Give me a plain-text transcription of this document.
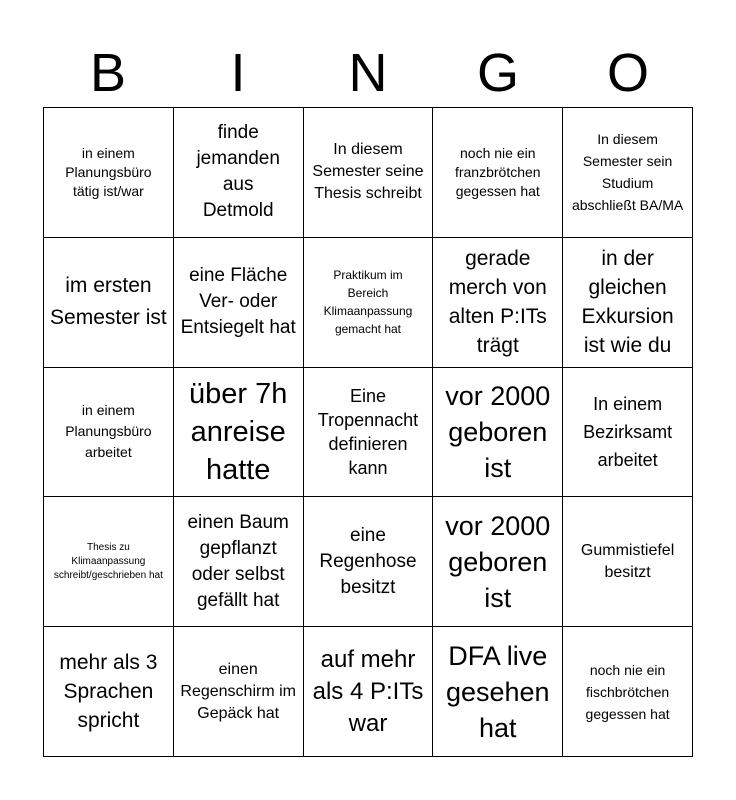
B	I	N	G	O
in einem Planungsbüro tätig ist/war
finde jemanden aus Detmold
In diesem Semester seine Thesis schreibt
noch nie ein franzbrötchen gegessen hat
In diesem Semester sein Studium abschließt BA/MA
im ersten Semester ist
eine Fläche Ver- oder Entsiegelt hat
Praktikum im Bereich Klimaanpassung gemacht hat
gerade merch von alten P:ITs trägt
in der gleichen Exkursion ist wie du
in einem Planungsbüro arbeitet
über 7h anreise hatte
Eine Tropennacht definieren kann
vor 2000 geboren ist
In einem Bezirksamt arbeitet
Thesis zu Klimaanpassung schreibt/geschrieben hat
einen Baum gepflanzt oder selbst gefällt hat
eine Regenhose besitzt
vor 2000 geboren ist
Gummistiefel besitzt
mehr als 3 Sprachen spricht
einen Regenschirm im Gepäck hat
auf mehr als 4 P:ITs war
DFA live gesehen hat
noch nie ein fischbrötchen gegessen hat
